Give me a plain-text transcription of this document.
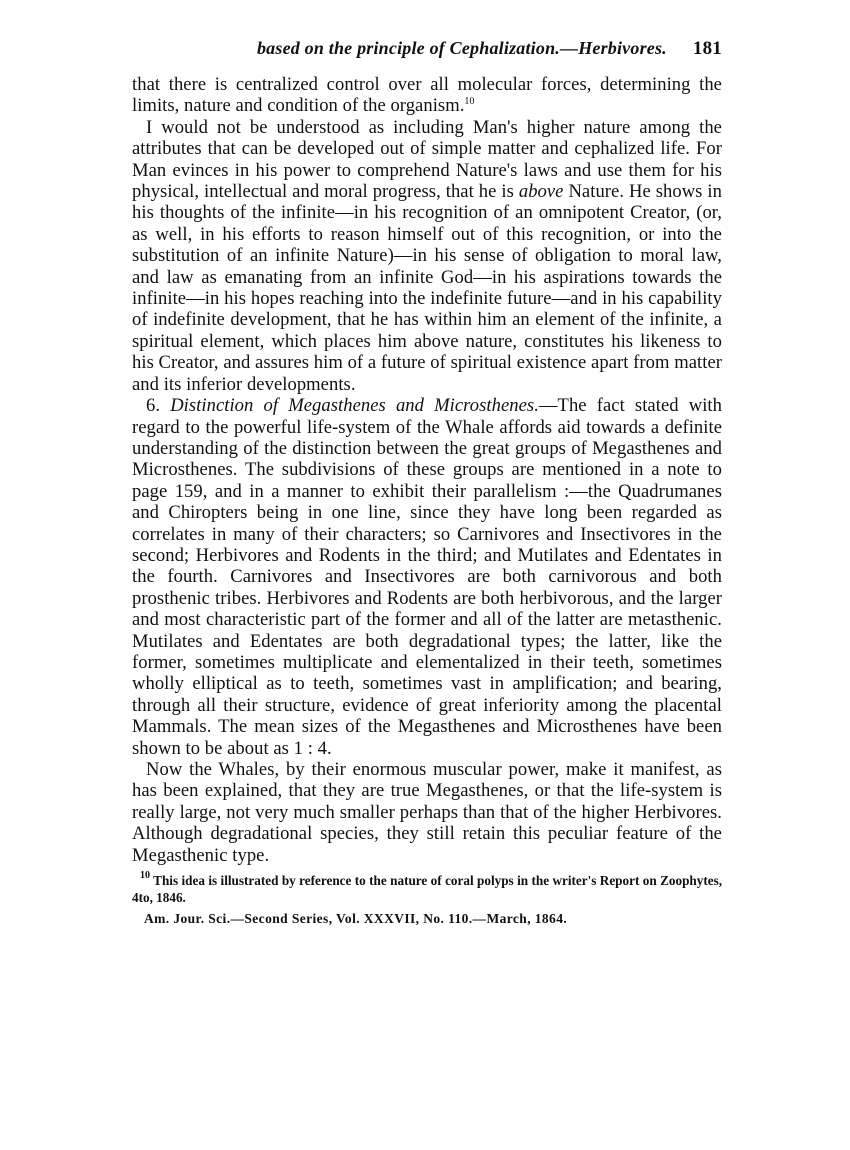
based on the principle of Cephalization.—Herbivores. 181

that there is centralized control over all molecular forces, determining the limits, nature and condition of the organism.$^{10}$

I would not be understood as including Man's higher nature among the attributes that can be developed out of simple matter and cephalized life. For Man evinces in his power to comprehend Nature's laws and use them for his physical, intellectual and moral progress, that he is above Nature. He shows in his thoughts of the infinite—in his recognition of an omnipotent Creator, (or, as well, in his efforts to reason himself out of this recognition, or into the substitution of an infinite Nature)—in his sense of obligation to moral law, and law as emanating from an infinite God—in his aspirations towards the infinite—in his hopes reaching into the indefinite future—and in his capability of indefinite development, that he has within him an element of the infinite, a spiritual element, which places him above nature, constitutes his likeness to his Creator, and assures him of a future of spiritual existence apart from matter and its inferior developments.

6. Distinction of Megasthenes and Microsthenes.—The fact stated with regard to the powerful life-system of the Whale affords aid towards a definite understanding of the distinction between the great groups of Megasthenes and Microsthenes. The subdivisions of these groups are mentioned in a note to page 159, and in a manner to exhibit their parallelism :—the Quadrumanes and Chiropters being in one line, since they have long been regarded as correlates in many of their characters; so Carnivores and Insectivores in the second; Herbivores and Rodents in the third; and Mutilates and Edentates in the fourth. Carnivores and Insectivores are both carnivorous and both prosthenic tribes. Herbivores and Rodents are both herbivorous, and the larger and most characteristic part of the former and all of the latter are metasthenic. Mutilates and Edentates are both degradational types; the latter, like the former, sometimes multiplicate and elementalized in their teeth, sometimes wholly elliptical as to teeth, sometimes vast in amplification; and bearing, through all their structure, evidence of great inferiority among the placental Mammals. The mean sizes of the Megasthenes and Microsthenes have been shown to be about as 1 : 4.

Now the Whales, by their enormous muscular power, make it manifest, as has been explained, that they are true Megasthenes, or that the life-system is really large, not very much smaller perhaps than that of the higher Herbivores. Although degradational species, they still retain this peculiar feature of the Megasthenic type.

$^{10}$ This idea is illustrated by reference to the nature of coral polyps in the writer's Report on Zoophytes, 4to, 1846.

Am. Jour. Sci.—Second Series, Vol. XXXVII, No. 110.—March, 1864.
